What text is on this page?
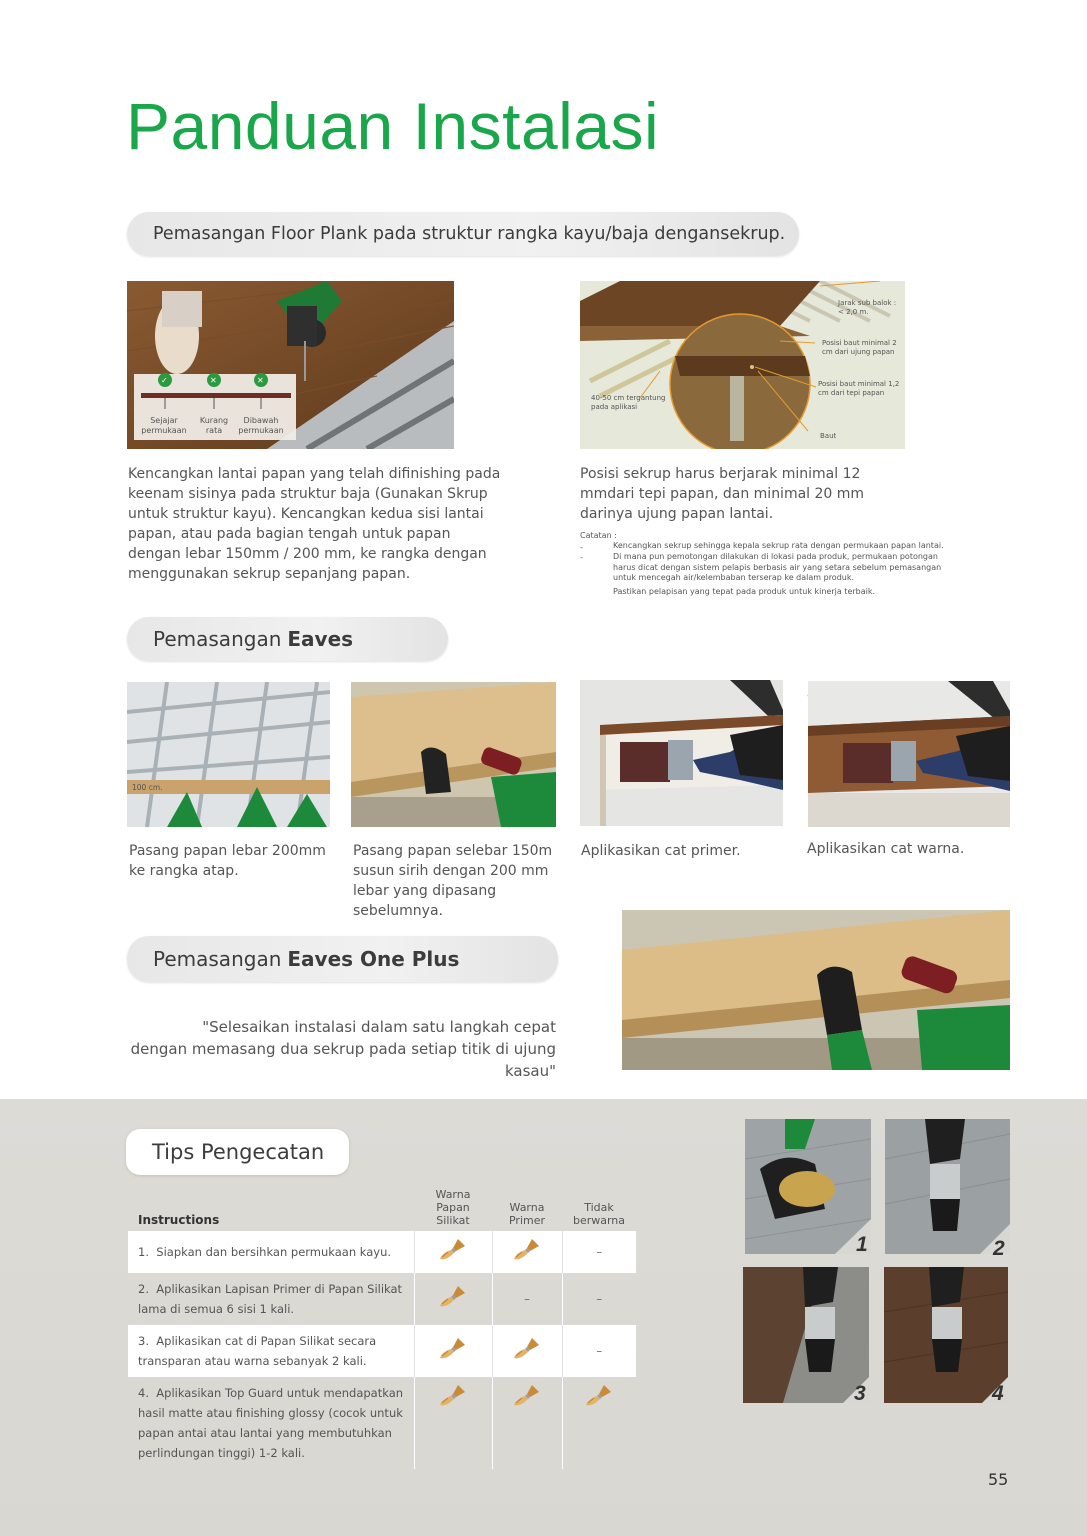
Panduan Instalasi
Pemasangan Floor Plank pada struktur rangka kayu/baja dengansekrup.
✓	✕	✕
Sejajar permukaan
Kurang rata
Dibawah permukaan
Kencangkan lantai papan yang telah difinishing pada keenam sisinya pada struktur baja (Gunakan Skrup untuk struktur kayu). Kencangkan kedua sisi lantai papan, atau pada bagian tengah untuk papan dengan lebar 150mm / 200 mm, ke rangka dengan menggunakan sekrup sepanjang papan.
Jarak sub balok : < 2,0 m.
Posisi baut minimal 2 cm dari ujung papan
Posisi baut minimal 1,2 cm dari tepi papan
Baut
40-50 cm tergantung pada aplikasi
Posisi sekrup harus berjarak minimal 12 mmdari tepi papan, dan minimal 20 mm darinya ujung papan lantai.
Catatan :
-
-
Kencangkan sekrup sehingga kepala sekrup rata dengan permukaan papan lantai.
Di mana pun pemotongan dilakukan di lokasi pada produk, permukaan potongan harus dicat dengan sistem pelapis berbasis air yang setara sebelum pemasangan untuk mencegah air/kelembaban terserap ke dalam produk.
Pastikan pelapisan yang tepat pada produk untuk kinerja terbaik.
Pemasangan Eaves
100 cm.
Pasang papan lebar 200mm ke rangka atap.
Pasang papan selebar 150m susun sirih dengan 200 mm lebar yang dipasang sebelumnya.
Aplikasikan cat primer.	Aplikasikan cat warna.
Pemasangan Eaves One Plus
"Selesaikan instalasi dalam satu langkah cepat
dengan memasang dua sekrup pada setiap titik di ujung kasau"
Tips Pengecatan
Instructions	Warna Papan Silikat	Warna Primer	Tidak berwarna
1. Siapkan dan bersihkan permukaan kayu.			–
2. Aplikasikan Lapisan Primer di Papan Silikat lama di semua 6 sisi 1 kali.		–	–
3. Aplikasikan cat di Papan Silikat secara transparan atau warna sebanyak 2 kali.			–
4. Aplikasikan Top Guard untuk mendapatkan hasil matte atau finishing glossy (cocok untuk papan antai atau lantai yang membutuhkan perlindungan tinggi) 1-2 kali.			
1	2
3	4
55
